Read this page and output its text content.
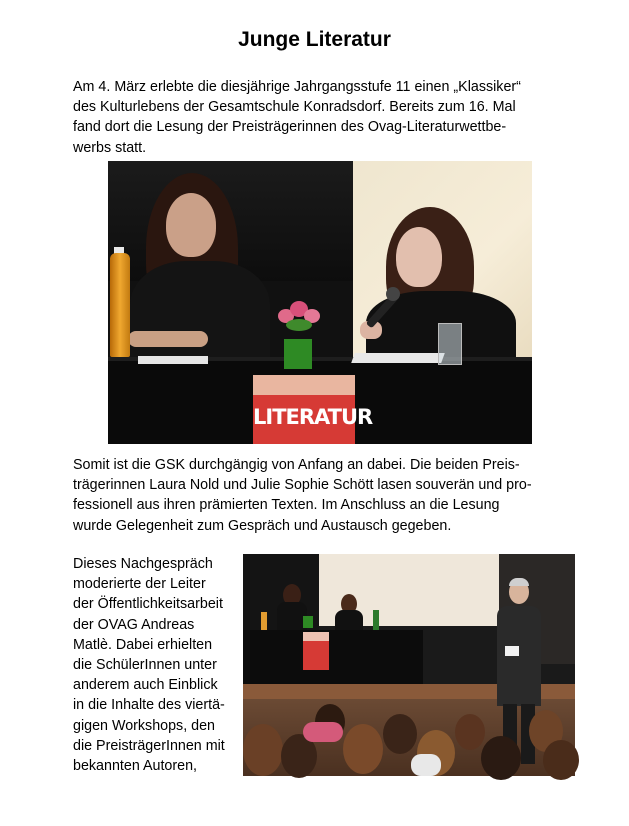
Junge Literatur

Am 4. März erlebte die diesjährige Jahrgangsstufe 11 einen „Klassiker“
des Kulturlebens der Gesamtschule Konradsdorf. Bereits zum 16. Mal
fand dort die Lesung der Preisträgerinnen des Ovag-Literaturwettbe-
werbs statt.

LITERATUR

Somit ist die GSK durchgängig von Anfang an dabei. Die beiden Preis-
trägerinnen Laura Nold und Julie Sophie Schött lasen souverän und pro-
fessionell aus ihren prämierten Texten. Im Anschluss an die Lesung
wurde Gelegenheit zum Gespräch und Austausch gegeben.

Dieses Nachgespräch
moderierte der Leiter
der Öffentlichkeitsarbeit
der OVAG Andreas
Matlè. Dabei erhielten
die SchülerInnen unter
anderem auch Einblick
in die Inhalte des viertä-
gigen Workshops, den
die PreisträgerInnen mit
bekannten Autoren,
